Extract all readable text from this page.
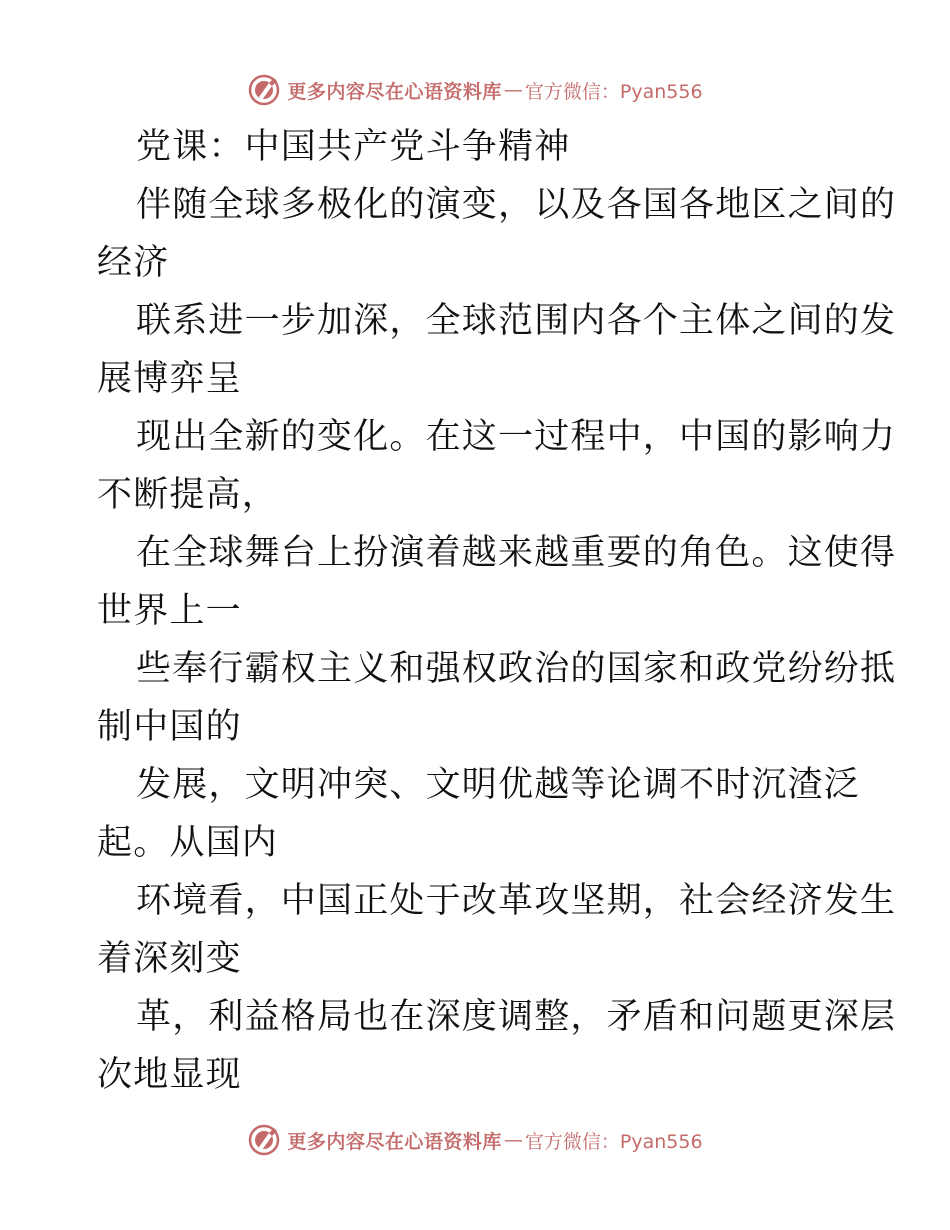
更多内容尽在心语资料库 — 官方微信：Pyan556
党课：中国共产党斗争精神
伴随全球多极化的演变，以及各国各地区之间的
经济
联系进一步加深，全球范围内各个主体之间的发
展博弈呈
现出全新的变化。在这一过程中，中国的影响力
不断提高，
在全球舞台上扮演着越来越重要的角色。这使得
世界上一
些奉行霸权主义和强权政治的国家和政党纷纷抵
制中国的
发展，文明冲突、文明优越等论调不时沉渣泛
起。从国内
环境看，中国正处于改革攻坚期，社会经济发生
着深刻变
革，利益格局也在深度调整，矛盾和问题更深层
次地显现
更多内容尽在心语资料库 — 官方微信：Pyan556
